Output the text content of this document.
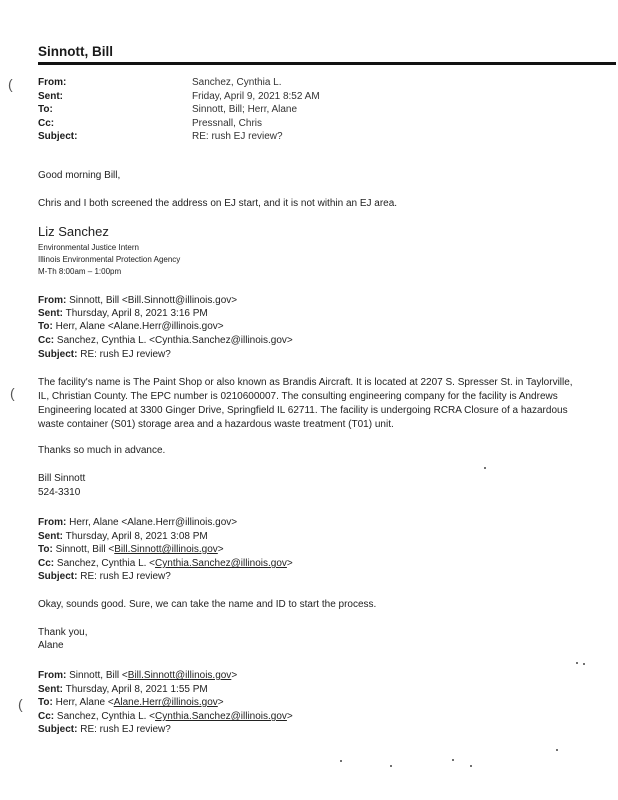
Sinnott, Bill
(
(
(
From:	Sanchez, Cynthia L.
Sent:	Friday, April 9, 2021 8:52 AM
To:	Sinnott, Bill; Herr, Alane
Cc:	Pressnall, Chris
Subject:	RE: rush EJ review?
Good morning Bill,
Chris and I both screened the address on EJ start, and it is not within an EJ area.
Liz Sanchez
Environmental Justice Intern
Illinois Environmental Protection Agency
M-Th 8:00am – 1:00pm
From: Sinnott, Bill <Bill.Sinnott@illinois.gov>
Sent: Thursday, April 8, 2021 3:16 PM
To: Herr, Alane <Alane.Herr@illinois.gov>
Cc: Sanchez, Cynthia L. <Cynthia.Sanchez@illinois.gov>
Subject: RE: rush EJ review?
The facility's name is The Paint Shop or also known as Brandis Aircraft. It is located at 2207 S. Spresser St. in Taylorville,
IL, Christian County. The EPC number is 0210600007. The consulting engineering company for the facility is Andrews
Engineering located at 3300 Ginger Drive, Springfield IL 62711. The facility is undergoing RCRA Closure of a hazardous
waste container (S01) storage area and a hazardous waste treatment (T01) unit.
Thanks so much in advance.
Bill Sinnott
524-3310
From: Herr, Alane <Alane.Herr@illinois.gov>
Sent: Thursday, April 8, 2021 3:08 PM
To: Sinnott, Bill <Bill.Sinnott@illinois.gov>
Cc: Sanchez, Cynthia L. <Cynthia.Sanchez@illinois.gov>
Subject: RE: rush EJ review?
Okay, sounds good. Sure, we can take the name and ID to start the process.
Thank you,
Alane
From: Sinnott, Bill <Bill.Sinnott@illinois.gov>
Sent: Thursday, April 8, 2021 1:55 PM
To: Herr, Alane <Alane.Herr@illinois.gov>
Cc: Sanchez, Cynthia L. <Cynthia.Sanchez@illinois.gov>
Subject: RE: rush EJ review?
